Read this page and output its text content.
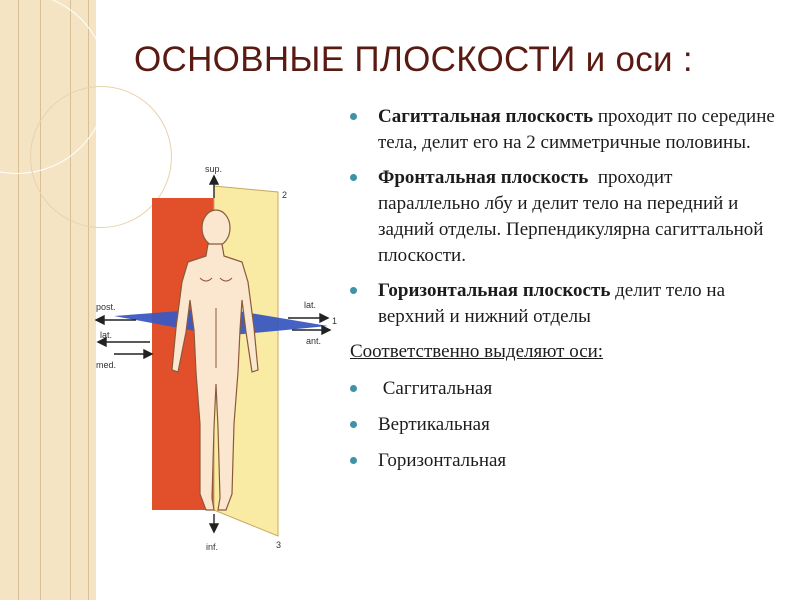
ОСНОВНЫЕ ПЛОСКОСТИ и оси :
sup.
2
1
3
post.	lat.
ant.
lat.
med.
inf.
Сагиттальная плоскость проходит по середине тела, делит его на 2 симметричные половины.
Фронтальная плоскость  проходит параллельно лбу и делит тело на передний и задний отделы. Перпендикулярна сагиттальной плоскости.
Горизонтальная плоскость делит тело на верхний и нижний отделы
Соответственно выделяют оси:
Саггитальная
Вертикальная
Горизонтальная
